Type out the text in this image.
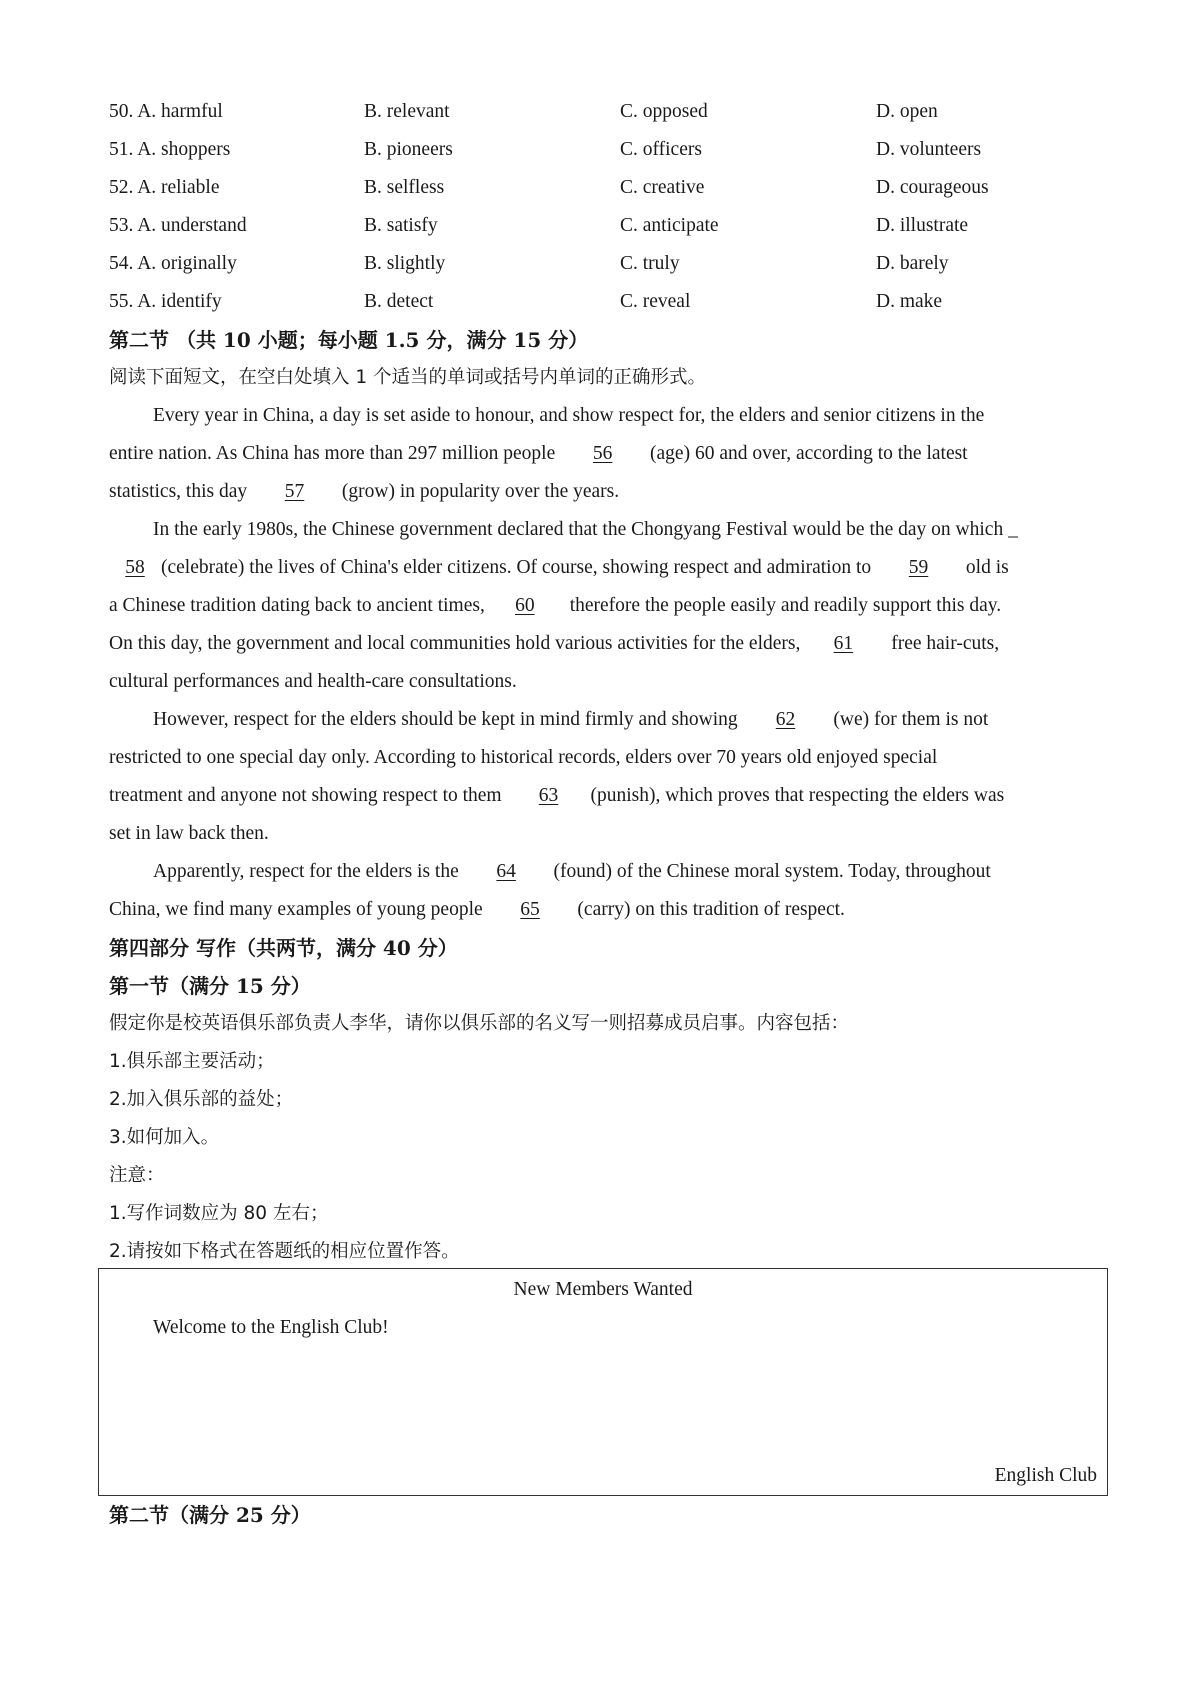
50. A. harmful	B. relevant	C. opposed	D. open
51. A. shoppers	B. pioneers	C. officers	D. volunteers
52. A. reliable	B. selfless	C. creative	D. courageous
53. A. understand	B. satisfy	C. anticipate	D. illustrate
54. A. originally	B. slightly	C. truly	D. barely
55. A. identify	B. detect	C. reveal	D. make
第二节 （共 10 小题；每小题 1.5 分，满分 15 分）
阅读下面短文，在空白处填入 1 个适当的单词或括号内单词的正确形式。
Every year in China, a day is set aside to honour, and show respect for, the elders and senior citizens in the
entire nation. As China has more than 297 million people 56 (age) 60 and over, according to the latest
statistics, this day 57 (grow) in popularity over the years.
In the early 1980s, the Chinese government declared that the Chongyang Festival would be the day on which _
58 (celebrate) the lives of China's elder citizens. Of course, showing respect and admiration to 59 old is
a Chinese tradition dating back to ancient times, 60 therefore the people easily and readily support this day.
On this day, the government and local communities hold various activities for the elders, 61 free hair-cuts,
cultural performances and health-care consultations.
However, respect for the elders should be kept in mind firmly and showing 62 (we) for them is not
restricted to one special day only. According to historical records, elders over 70 years old enjoyed special
treatment and anyone not showing respect to them 63 (punish), which proves that respecting the elders was
set in law back then.
Apparently, respect for the elders is the 64 (found) of the Chinese moral system. Today, throughout
China, we find many examples of young people 65 (carry) on this tradition of respect.
第四部分 写作（共两节，满分 40 分）
第一节（满分 15 分）
假定你是校英语俱乐部负责人李华，请你以俱乐部的名义写一则招募成员启事。内容包括：
1.俱乐部主要活动；
2.加入俱乐部的益处；
3.如何加入。
注意：
1.写作词数应为 80 左右；
2.请按如下格式在答题纸的相应位置作答。
New Members Wanted
Welcome to the English Club!
English Club
第二节（满分 25 分）
